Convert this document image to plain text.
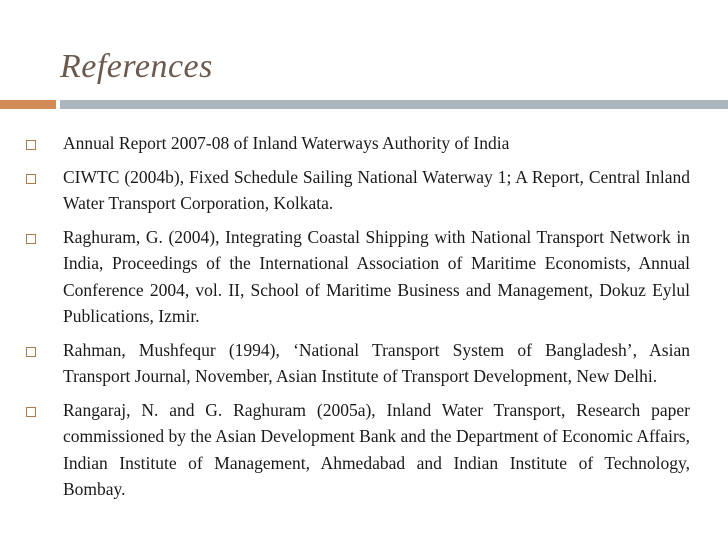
References
Annual Report 2007-08 of Inland Waterways Authority of India
CIWTC (2004b), Fixed Schedule Sailing National Waterway 1; A Report, Central Inland Water Transport Corporation, Kolkata.
Raghuram, G. (2004), Integrating Coastal Shipping with National Transport Network in India, Proceedings of the International Association of Maritime Economists, Annual Conference 2004, vol. II, School of Maritime Business and Management, Dokuz Eylul Publications, Izmir.
Rahman, Mushfequr (1994), ‘National Transport System of Bangladesh’, Asian Transport Journal, November, Asian Institute of Transport Development, New Delhi.
Rangaraj, N. and G. Raghuram (2005a), Inland Water Transport, Research paper commissioned by the Asian Development Bank and the Department of Economic Affairs, Indian Institute of Management, Ahmedabad and Indian Institute of Technology, Bombay.
